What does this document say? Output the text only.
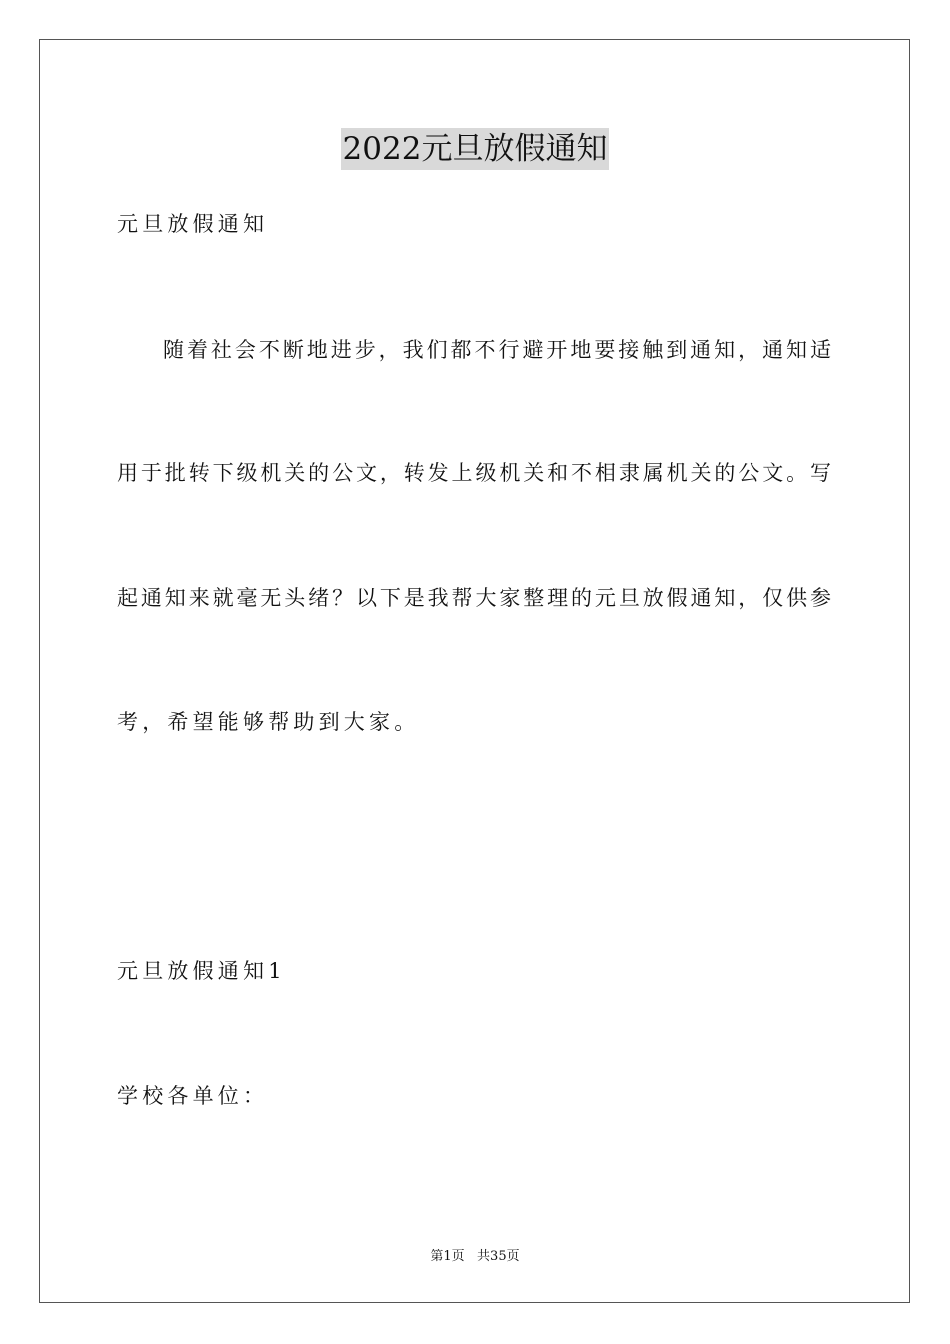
2022元旦放假通知
元旦放假通知
随着社会不断地进步，我们都不行避开地要接触到通知，通知适
用于批转下级机关的公文，转发上级机关和不相隶属机关的公文。写
起通知来就毫无头绪？以下是我帮大家整理的元旦放假通知，仅供参
考，希望能够帮助到大家。
元旦放假通知1
学校各单位：
第1页   共35页
